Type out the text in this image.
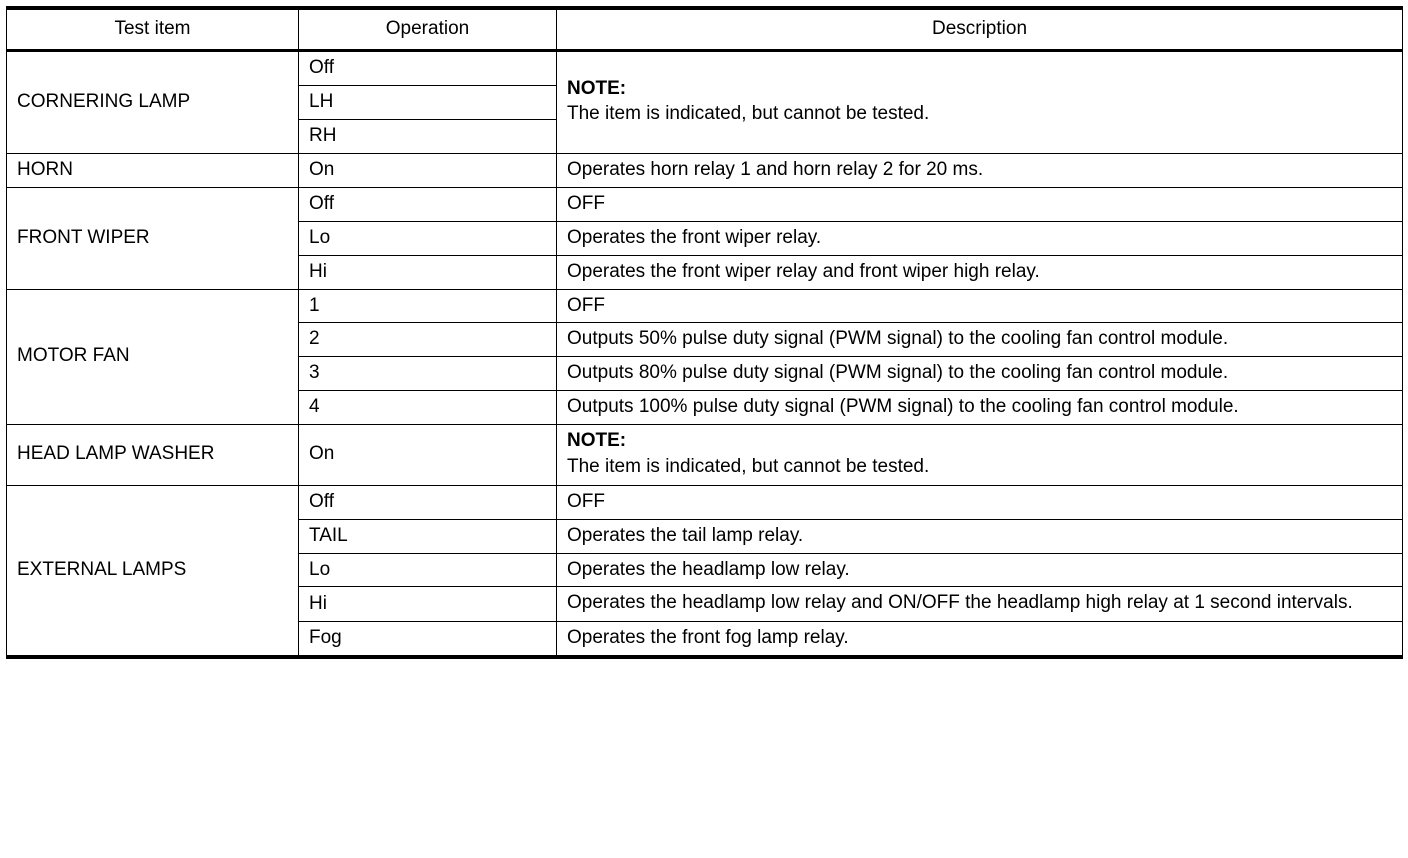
Test item	Operation	Description
CORNERING LAMP	Off	NOTE:
The item is indicated, but cannot be tested.

	LH	
	RH	
HORN	On	Operates horn relay 1 and horn relay 2 for 20 ms.
FRONT WIPER	Off	OFF
	Lo	Operates the front wiper relay.
	Hi	Operates the front wiper relay and front wiper high relay.
MOTOR FAN	1	OFF
	2	Outputs 50% pulse duty signal (PWM signal) to the cooling fan control module.
	3	Outputs 80% pulse duty signal (PWM signal) to the cooling fan control module.
	4	Outputs 100% pulse duty signal (PWM signal) to the cooling fan control module.
HEAD LAMP WASHER	On	NOTE:
The item is indicated, but cannot be tested.

EXTERNAL LAMPS	Off	OFF
	TAIL	Operates the tail lamp relay.
	Lo	Operates the headlamp low relay.
	Hi	Operates the headlamp low relay and ON/OFF the headlamp high relay at 1 second intervals.
	Fog	Operates the front fog lamp relay.
